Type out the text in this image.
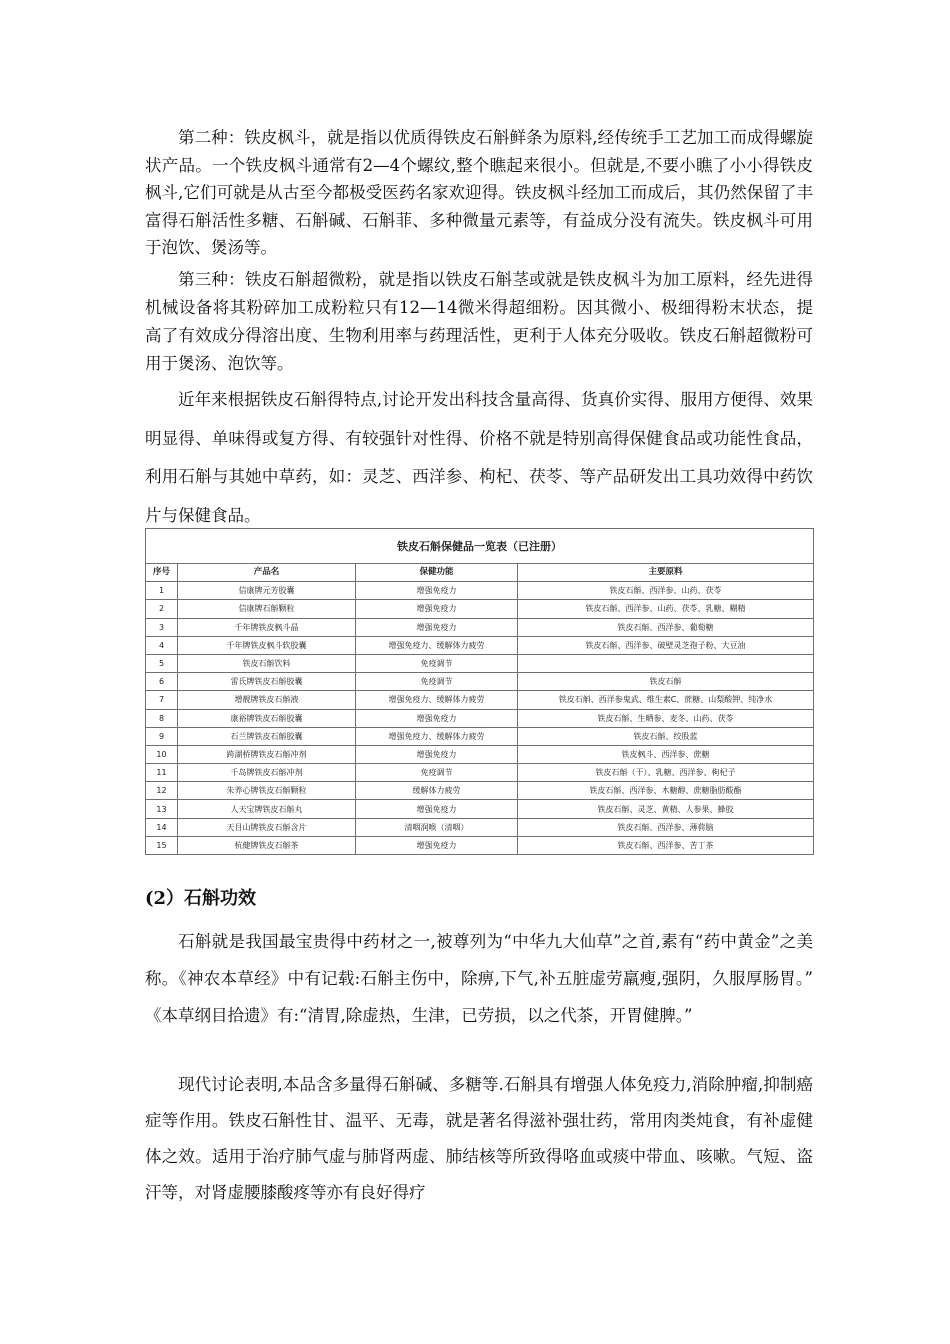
第二种：铁皮枫斗，就是指以优质得铁皮石斛鲜条为原料,经传统手工艺加工而成得螺旋状产品。一个铁皮枫斗通常有2—4个螺纹,整个瞧起来很小。但就是,不要小瞧了小小得铁皮枫斗,它们可就是从古至今都极受医药名家欢迎得。铁皮枫斗经加工而成后，其仍然保留了丰富得石斛活性多糖、石斛碱、石斛菲、多种微量元素等，有益成分没有流失。铁皮枫斗可用于泡饮、煲汤等。

第三种：铁皮石斛超微粉，就是指以铁皮石斛茎或就是铁皮枫斗为加工原料，经先进得机械设备将其粉碎加工成粉粒只有12—14微米得超细粉。因其微小、极细得粉末状态，提高了有效成分得溶出度、生物利用率与药理活性，更利于人体充分吸收。铁皮石斛超微粉可用于煲汤、泡饮等。

近年来根据铁皮石斛得特点,讨论开发出科技含量高得、货真价实得、服用方便得、效果明显得、单味得或复方得、有较强针对性得、价格不就是特别高得保健食品或功能性食品，利用石斛与其她中草药，如：灵芝、西洋参、枸杞、茯苓、等产品研发出工具功效得中药饮片与保健食品。

铁皮石斛保健品一览表（已注册）			
序号	产品名	保健功能	主要原料
1	信康牌元芳胶囊	增强免疫力	铁皮石斛、西洋参、山药、茯苓
2	信康牌石斛颗粒	增强免疫力	铁皮石斛、西洋参、山药、茯苓、乳糖、糊精
3	千年牌铁皮枫斗晶	增强免疫力	铁皮石斛、西洋参、葡萄糖
4	千年牌铁皮枫斗软胶囊	增强免疫力、缓解体力疲劳	铁皮石斛、西洋参、破壁灵芝孢子粉、大豆油
5	铁皮石斛饮料	免疫调节	
6	雷氏牌铁皮石斛胶囊	免疫调节	铁皮石斛
7	增靓牌铁皮石斛液	增强免疫力、缓解体力疲劳	铁皮石斛、西洋参鬼武、维生素C、蔗糖、山梨酸钾、纯净水
8	康裕牌铁皮石斛胶囊	增强免疫力	铁皮石斛、生晒参、麦冬、山药、茯苓
9	石兰牌铁皮石斛胶囊	增强免疫力、缓解体力疲劳	铁皮石斛、绞股蓝
10	跨湖桥牌铁皮石斛冲剂	增强免疫力	铁皮枫斗、西洋参、蔗糖
11	千岛牌铁皮石斛冲剂	免疫调节	铁皮石斛（干）、乳糖、西洋参、枸杞子
12	朱养心牌铁皮石斛颗粒	缓解体力疲劳	铁皮石斛、西洋参、木糖醇、蔗糖脂肪酸酯
13	人天宝牌铁皮石斛丸	增强免疫力	铁皮石斛、灵芝、黄精、人参果、蜂胶
14	天目山牌铁皮石斛含片	清咽润喉（清咽）	铁皮石斛、西洋参、薄荷脑
15	杭健牌铁皮石斛茶	增强免疫力	铁皮石斛、西洋参、苦丁茶
(2）石斛功效

石斛就是我国最宝贵得中药材之一,被尊列为“中华九大仙草”之首,素有“药中黄金”之美称。《神农本草经》中有记载:石斛主伤中，除痹,下气,补五脏虚劳羸瘦,强阴，久服厚肠胃。” 《本草纲目拾遗》有:“清胃,除虚热，生津，已劳损，以之代茶，开胃健脾。”

现代讨论表明,本品含多量得石斛碱、多糖等.石斛具有增强人体免疫力,消除肿瘤,抑制癌症等作用。铁皮石斛性甘、温平、无毒，就是著名得滋补强壮药，常用肉类炖食，有补虚健体之效。适用于治疗肺气虚与肺肾两虚、肺结核等所致得咯血或痰中带血、咳嗽。气短、盗汗等，对肾虚腰膝酸疼等亦有良好得疗
